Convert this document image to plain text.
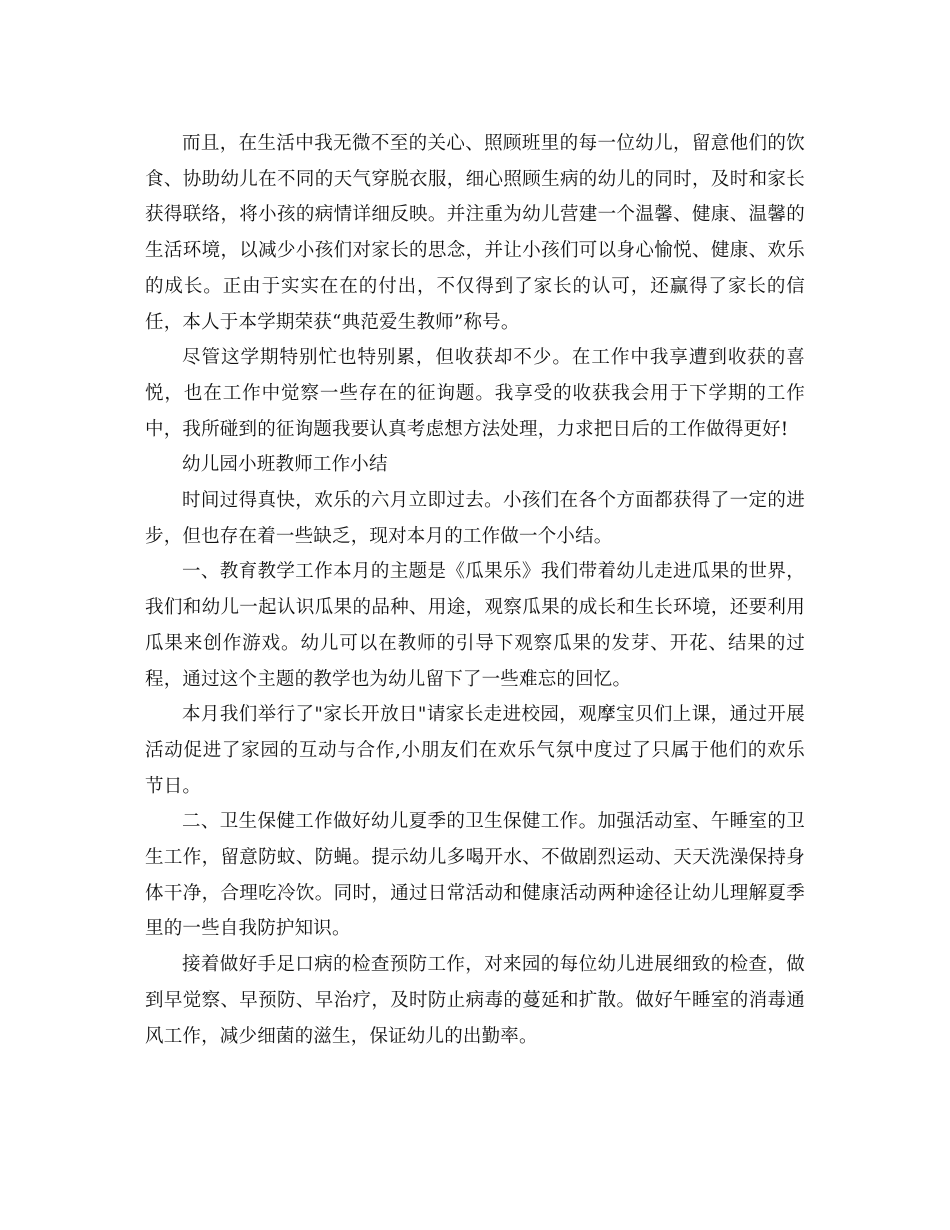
而且，在生活中我无微不至的关心、照顾班里的每一位幼儿，留意他们的饮食、协助幼儿在不同的天气穿脱衣服，细心照顾生病的幼儿的同时，及时和家长获得联络，将小孩的病情详细反映。并注重为幼儿营建一个温馨、健康、温馨的生活环境，以减少小孩们对家长的思念，并让小孩们可以身心愉悦、健康、欢乐的成长。正由于实实在在的付出，不仅得到了家长的认可，还赢得了家长的信任，本人于本学期荣获“典范爱生教师”称号。

尽管这学期特别忙也特别累，但收获却不少。在工作中我享遭到收获的喜悦，也在工作中觉察一些存在的征询题。我享受的收获我会用于下学期的工作中，我所碰到的征询题我要认真考虑想方法处理，力求把日后的工作做得更好!

幼儿园小班教师工作小结

时间过得真快，欢乐的六月立即过去。小孩们在各个方面都获得了一定的进步，但也存在着一些缺乏，现对本月的工作做一个小结。

一、教育教学工作本月的主题是《瓜果乐》我们带着幼儿走进瓜果的世界，我们和幼儿一起认识瓜果的品种、用途，观察瓜果的成长和生长环境，还要利用瓜果来创作游戏。幼儿可以在教师的引导下观察瓜果的发芽、开花、结果的过程，通过这个主题的教学也为幼儿留下了一些难忘的回忆。

本月我们举行了"家长开放日"请家长走进校园，观摩宝贝们上课，通过开展活动促进了家园的互动与合作,小朋友们在欢乐气氛中度过了只属于他们的欢乐节日。

二、卫生保健工作做好幼儿夏季的卫生保健工作。加强活动室、午睡室的卫生工作，留意防蚊、防蝇。提示幼儿多喝开水、不做剧烈运动、天天洗澡保持身体干净，合理吃冷饮。同时，通过日常活动和健康活动两种途径让幼儿理解夏季里的一些自我防护知识。

接着做好手足口病的检查预防工作，对来园的每位幼儿进展细致的检查，做到早觉察、早预防、早治疗，及时防止病毒的蔓延和扩散。做好午睡室的消毒通风工作，减少细菌的滋生，保证幼儿的出勤率。
